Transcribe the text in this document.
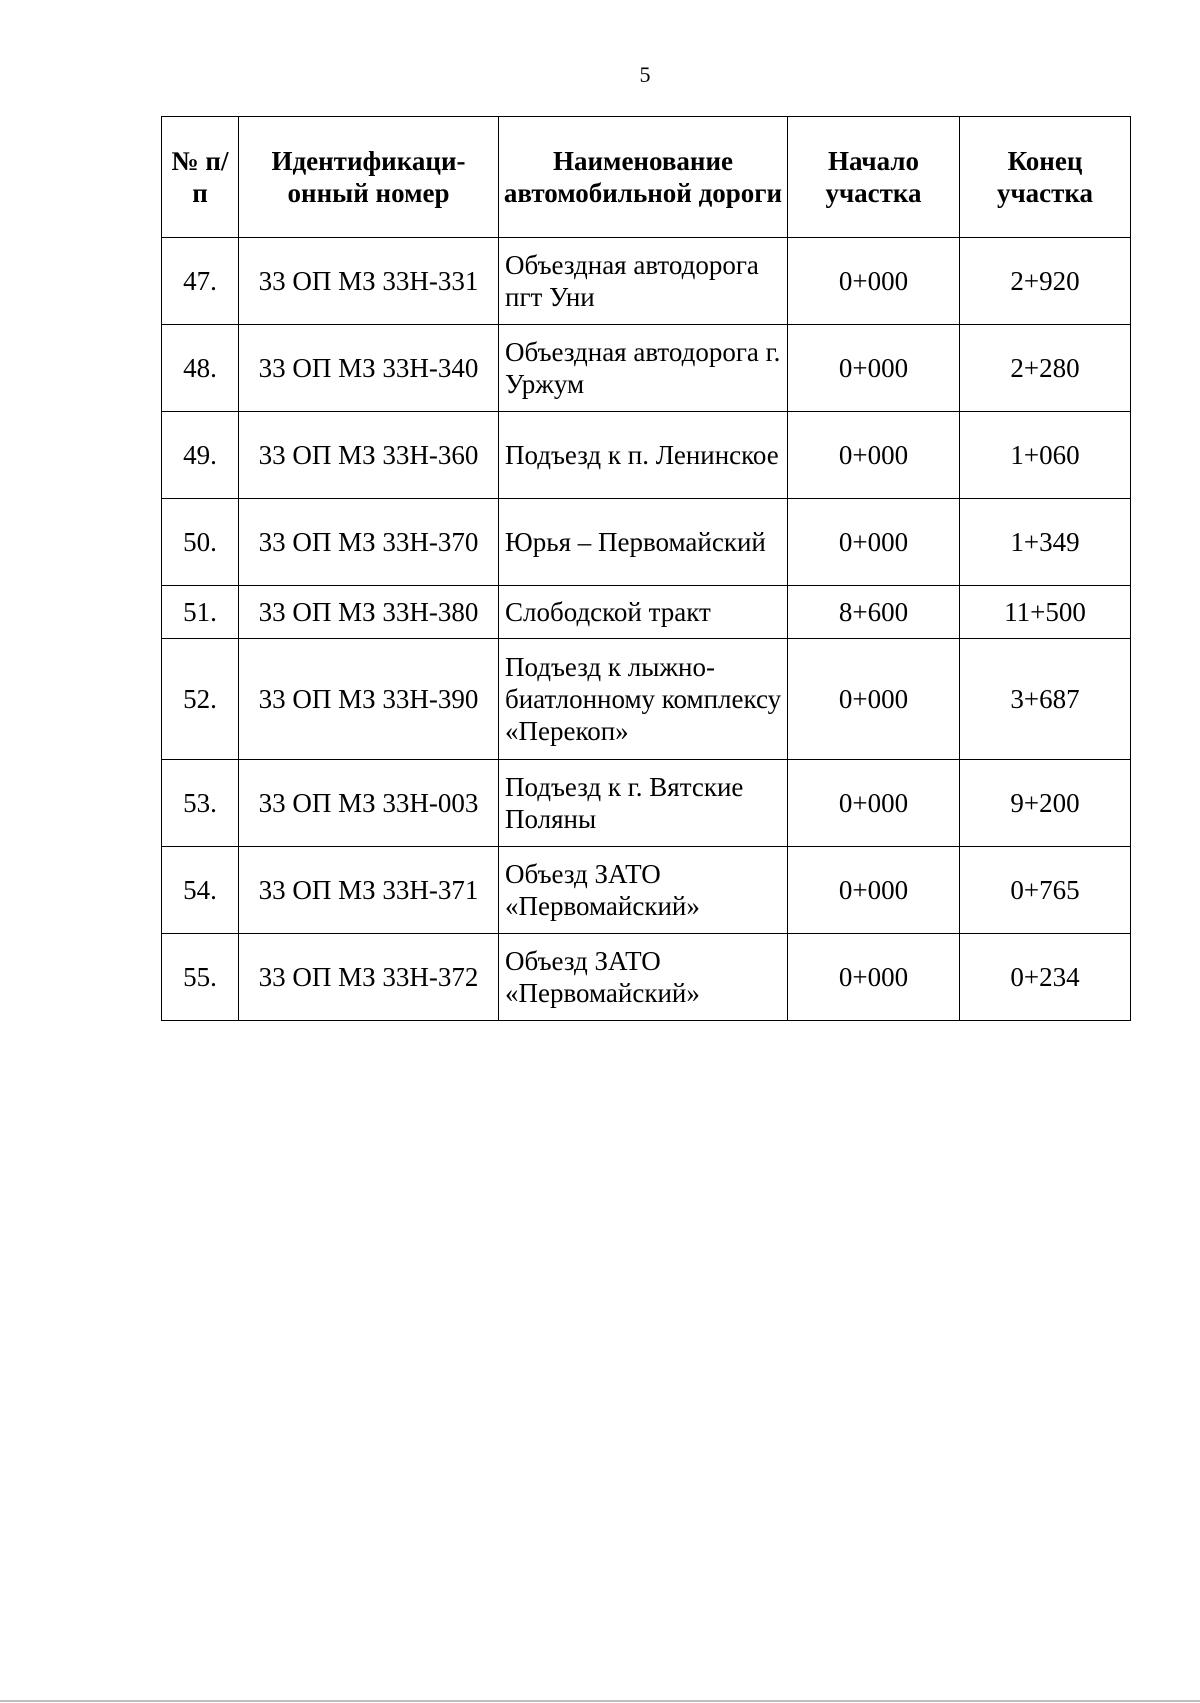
5
№ п/п	Идентификаци-онный номер	Наименование автомобильной дороги	Начало участка	Конец участка
47.	33 ОП МЗ 33Н-331	Объездная автодорога пгт Уни	0+000	2+920
48.	33 ОП МЗ 33Н-340	Объездная автодорога г. Уржум	0+000	2+280
49.	33 ОП МЗ 33Н-360	Подъезд к п. Ленинское	0+000	1+060
50.	33 ОП МЗ 33Н-370	Юрья – Первомайский	0+000	1+349
51.	33 ОП МЗ 33Н-380	Слободской тракт	8+600	11+500
52.	33 ОП МЗ 33Н-390	Подъезд к лыжно-биатлонному комплексу «Перекоп»	0+000	3+687
53.	33 ОП МЗ 33Н-003	Подъезд к г. Вятские Поляны	0+000	9+200
54.	33 ОП МЗ 33Н-371	Объезд ЗАТО «Первомайский»	0+000	0+765
55.	33 ОП МЗ 33Н-372	Объезд ЗАТО «Первомайский»	0+000	0+234
